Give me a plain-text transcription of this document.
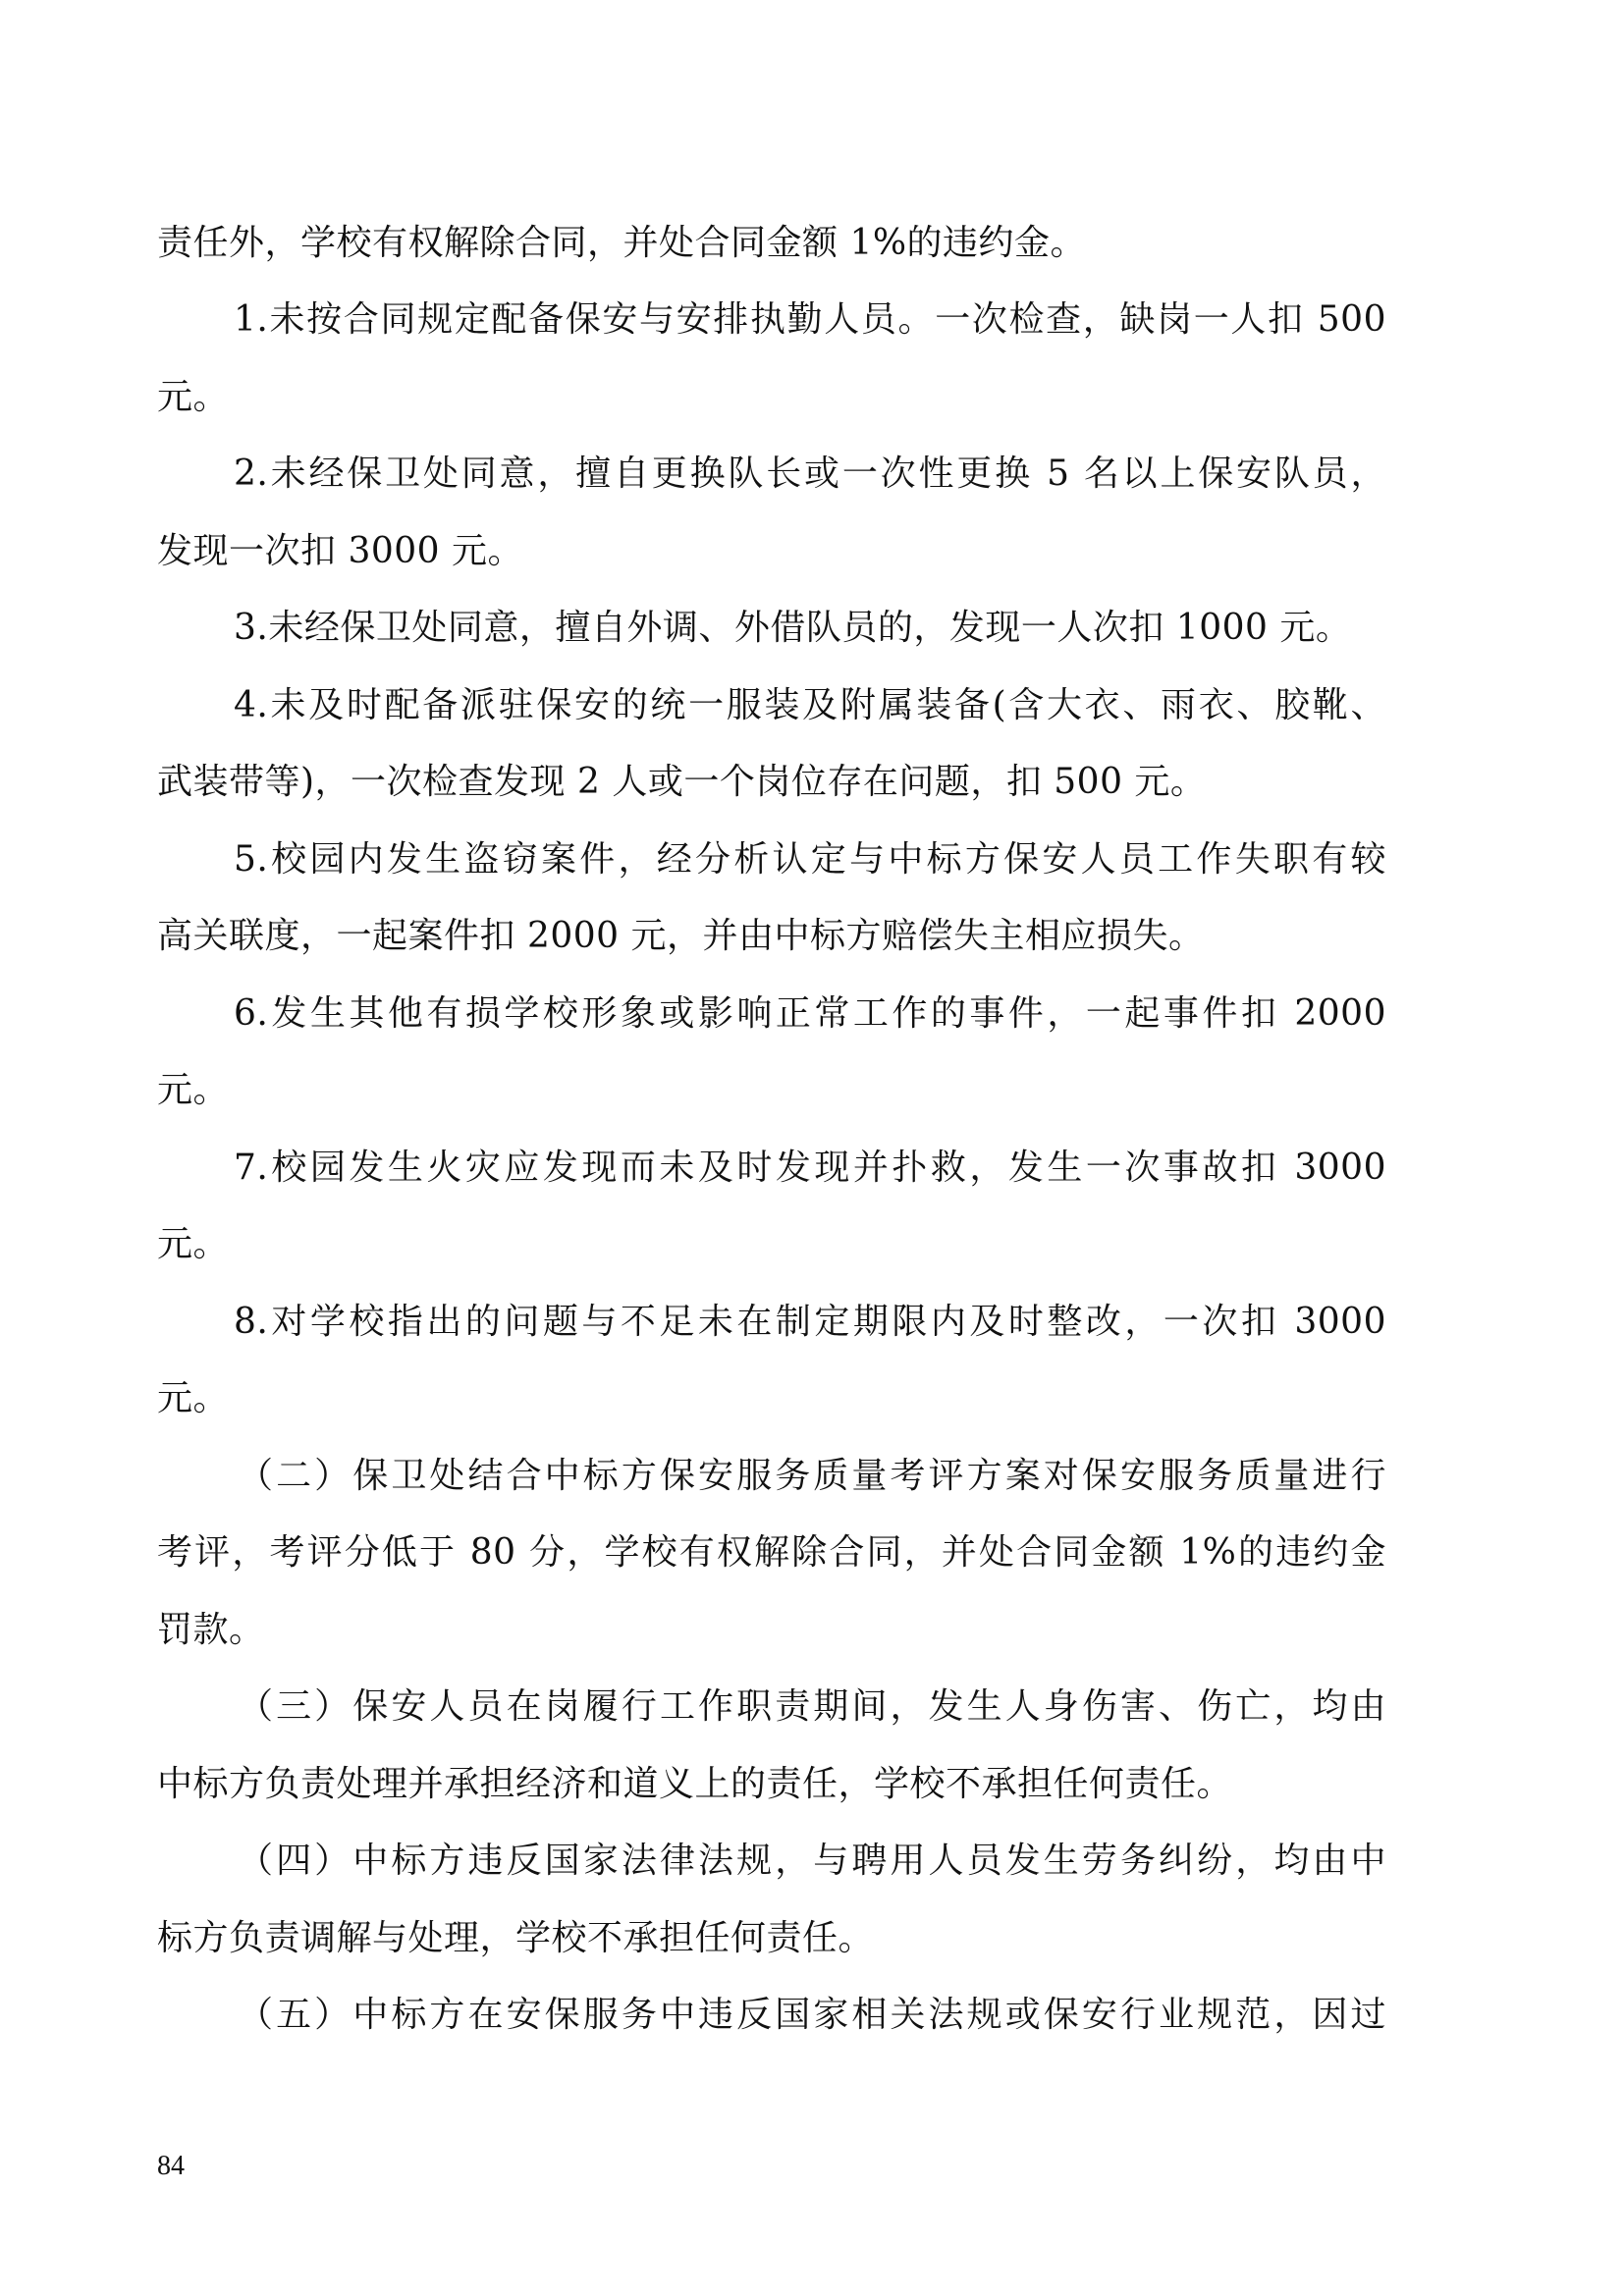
责任外，学校有权解除合同，并处合同金额 1%的违约金。
1.未按合同规定配备保安与安排执勤人员。一次检查，缺岗一人扣 500
元。
2.未经保卫处同意，擅自更换队长或一次性更换 5 名以上保安队员，
发现一次扣 3000 元。
3.未经保卫处同意，擅自外调、外借队员的，发现一人次扣 1000 元。
4.未及时配备派驻保安的统一服装及附属装备(含大衣、雨衣、胶靴、
武装带等)，一次检查发现 2 人或一个岗位存在问题，扣 500 元。
5.校园内发生盗窃案件，经分析认定与中标方保安人员工作失职有较
高关联度，一起案件扣 2000 元，并由中标方赔偿失主相应损失。
6.发生其他有损学校形象或影响正常工作的事件，一起事件扣 2000
元。
7.校园发生火灾应发现而未及时发现并扑救，发生一次事故扣 3000
元。
8.对学校指出的问题与不足未在制定期限内及时整改，一次扣 3000
元。
（二）保卫处结合中标方保安服务质量考评方案对保安服务质量进行
考评，考评分低于 80 分，学校有权解除合同，并处合同金额 1%的违约金
罚款。
（三）保安人员在岗履行工作职责期间，发生人身伤害、伤亡，均由
中标方负责处理并承担经济和道义上的责任，学校不承担任何责任。
（四）中标方违反国家法律法规，与聘用人员发生劳务纠纷，均由中
标方负责调解与处理，学校不承担任何责任。
（五）中标方在安保服务中违反国家相关法规或保安行业规范，因过
84
